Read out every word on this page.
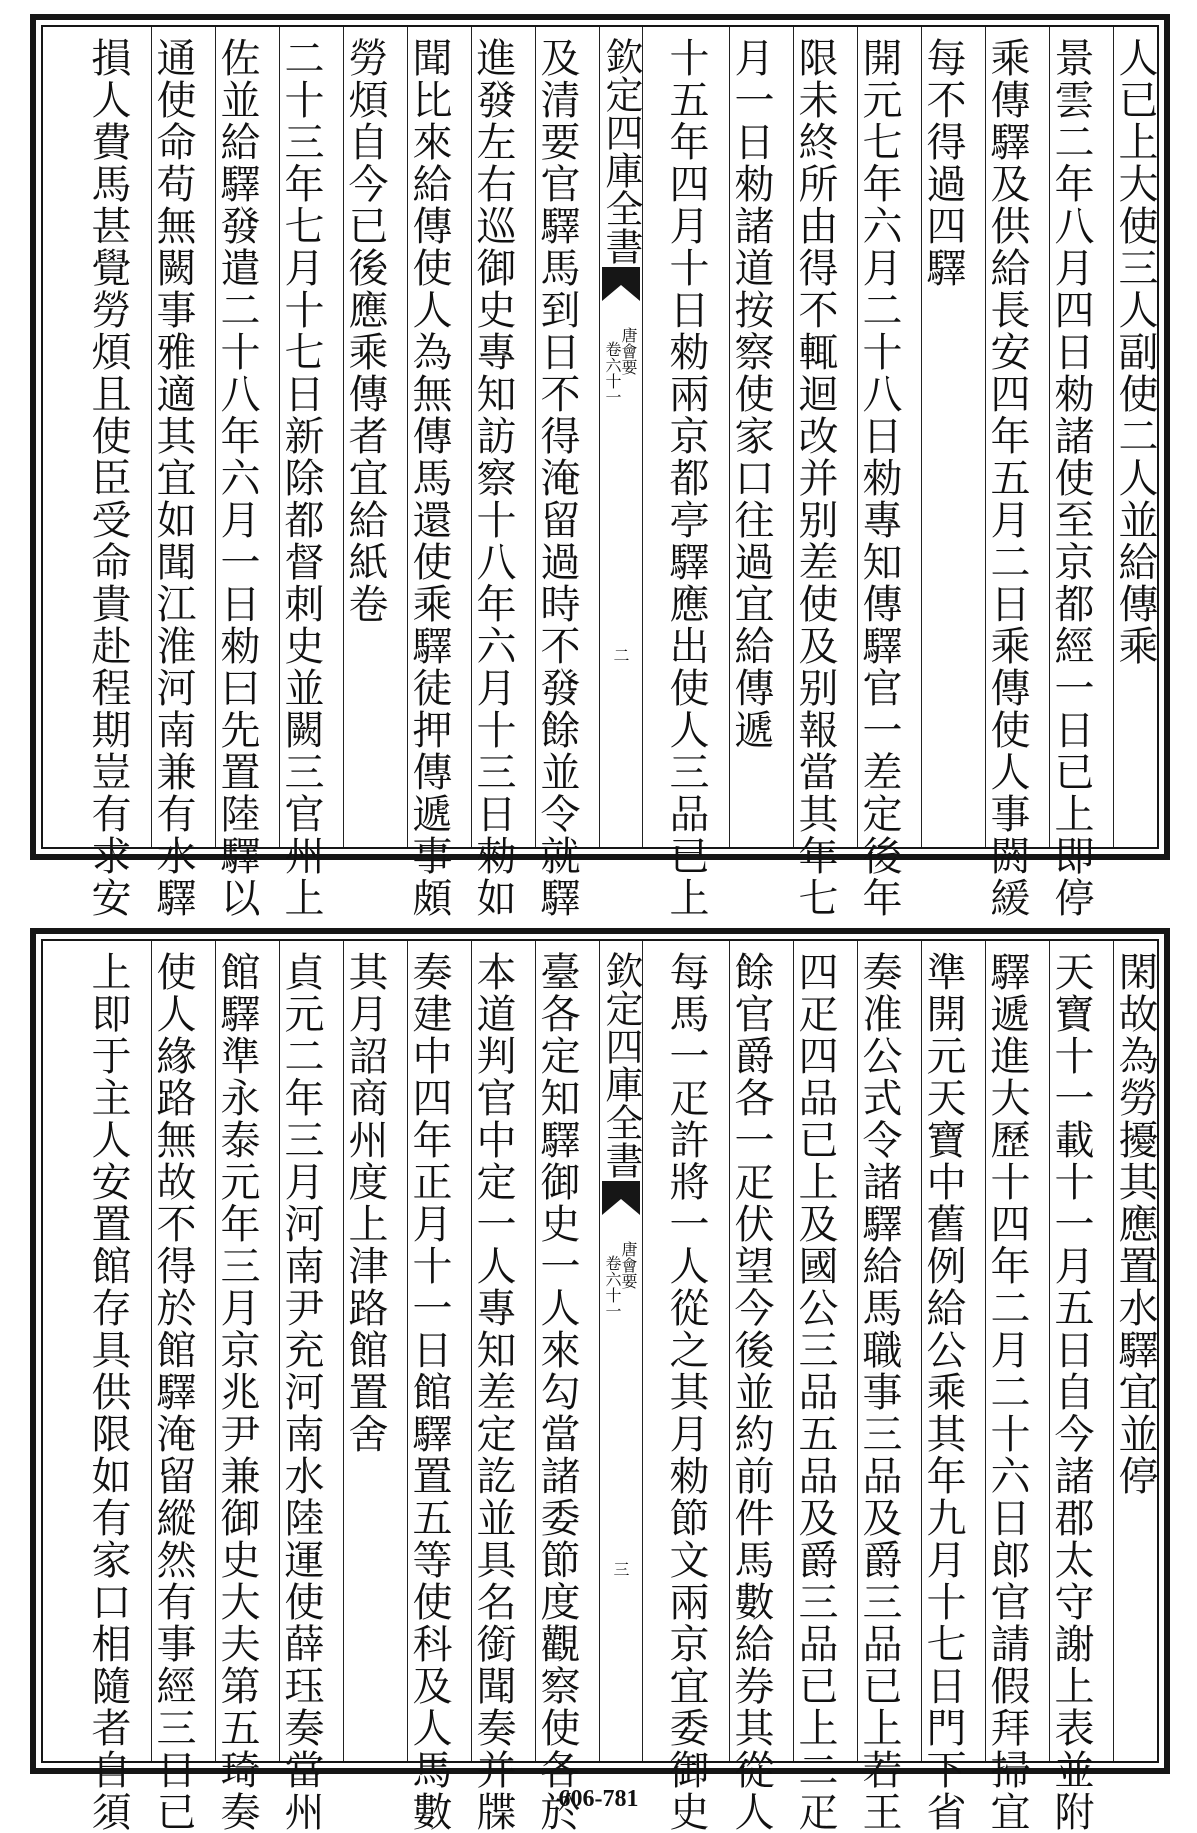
人已上大使三人副使二人並給傳乘
景雲二年八月四日勑諸使至京都經一日已上即停
乘傳驛及供給長安四年五月二日乘傳使人事閼緩
每不得過四驛
開元七年六月二十八日勑專知傳驛官一差定後年
限未終所由得不輒迴改并别差使及别報當其年七
月一日勑諸道按察使家口往過宜給傳遞
十五年四月十日勑兩京都亭驛應出使人三品已上
欽定四庫全書
唐會要
卷六十一
二
及清要官驛馬到日不得淹留過時不發餘並令就驛
進發左右巡御史專知訪察十八年六月十三日勑如
聞比來給傳使人為無傳馬還使乘驛徒押傳遞事頗
勞煩自今已後應乘傳者宜給紙卷
二十三年七月十七日新除都督刺史並闕三官州上
佐並給驛發遣二十八年六月一日勑曰先置陸驛以
通使命苟無闕事雅適其宜如聞江淮河南兼有水驛
損人費馬甚覺勞煩且使臣受命貴赴程期豈有求安
閑故為勞擾其應置水驛宜並停
天寶十一載十一月五日自今諸郡太守謝上表並附
驛遞進大歷十四年二月二十六日郎官請假拜掃宜
準開元天寶中舊例給公乘其年九月十七日門下省
奏准公式令諸驛給馬職事三品及爵三品已上若王
四疋四品已上及國公三品五品及爵三品已上二疋
餘官爵各一疋伏望今後並約前件馬數給券其從人
每馬一疋許將一人從之其月勑節文兩京宜委御史
欽定四庫全書
唐會要
卷六十一
三
臺各定知驛御史一人來勾當諸委節度觀察使各於
本道判官中定一人專知差定訖並具名銜聞奏并牒
奏建中四年正月十一日館驛置五等使科及人馬數
其月詔商州度上津路館置舍
貞元二年三月河南尹充河南水陸運使薛珏奏當州
館驛準永泰元年三月京兆尹兼御史大夫第五琦奏
使人緣路無故不得於館驛淹留縱然有事經三日已
上即于主人安置館存具供限如有家口相隨者自須	606-781
